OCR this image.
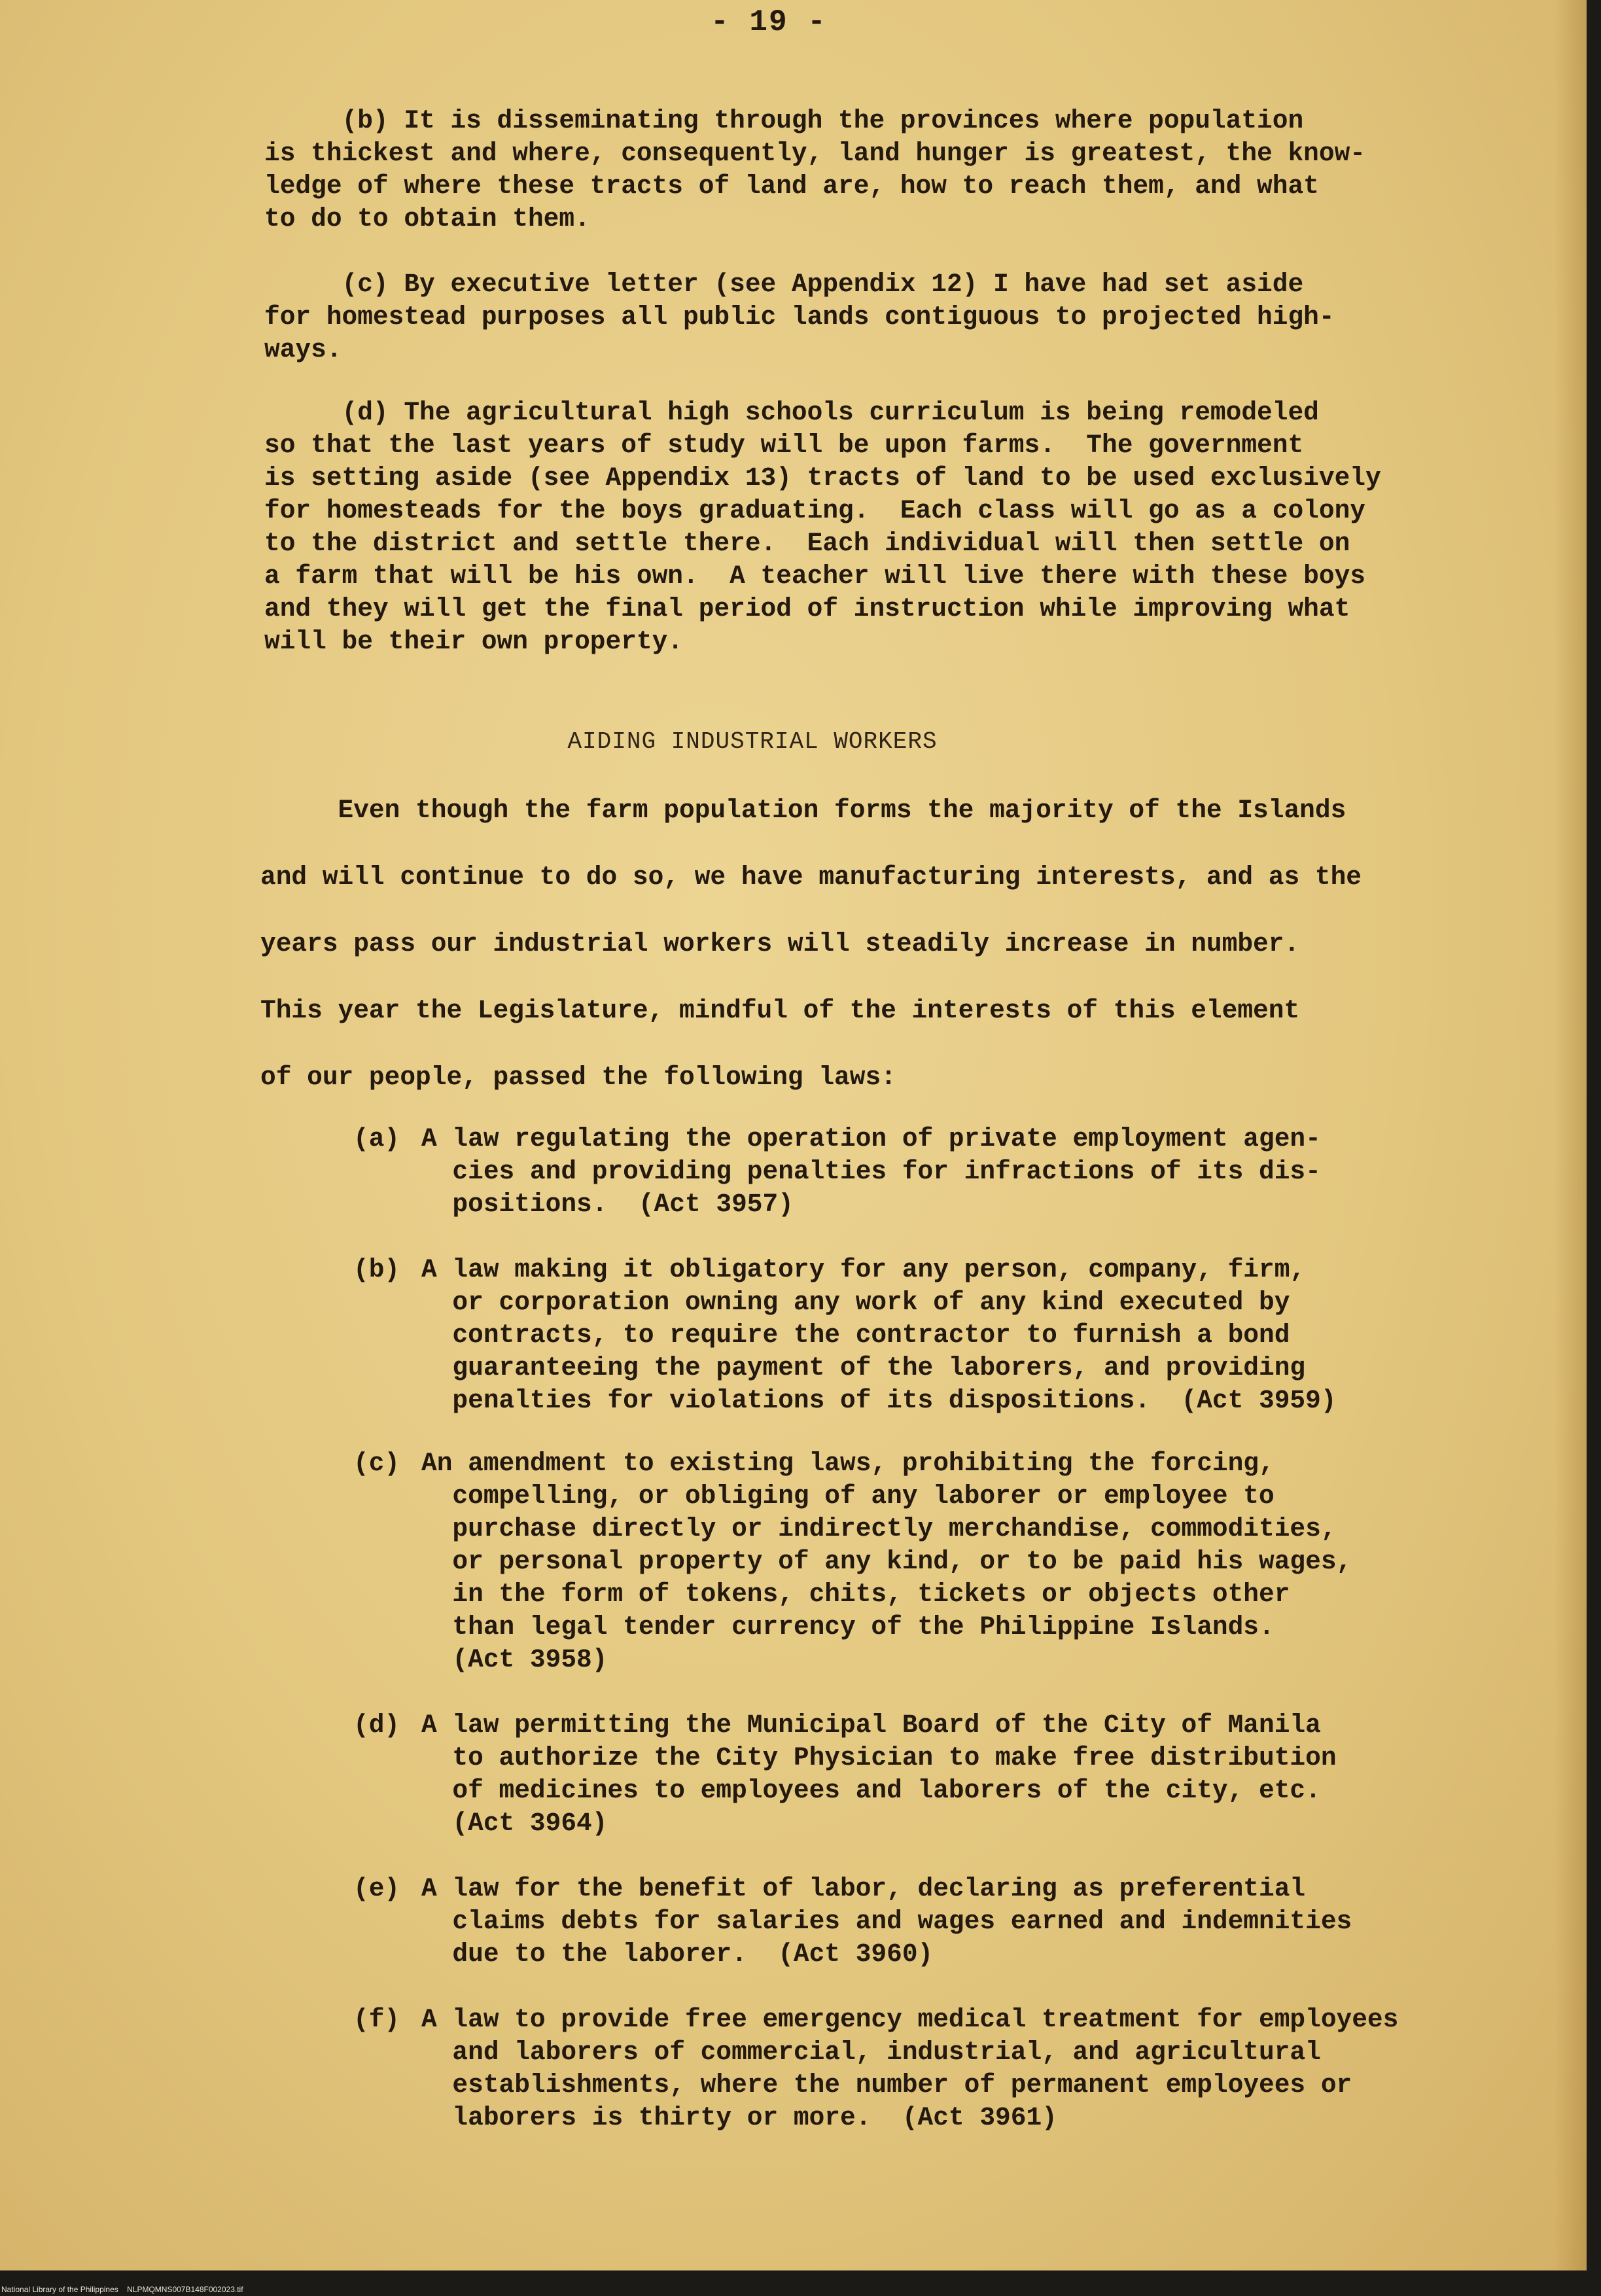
- 19 -

(b) It is disseminating through the provinces where population
is thickest and where, consequently, land hunger is greatest, the know-
ledge of where these tracts of land are, how to reach them, and what
to do to obtain them.

(c) By executive letter (see Appendix 12) I have had set aside
for homestead purposes all public lands contiguous to projected high-
ways.

(d) The agricultural high schools curriculum is being remodeled
so that the last years of study will be upon farms.  The government
is setting aside (see Appendix 13) tracts of land to be used exclusively
for homesteads for the boys graduating.  Each class will go as a colony
to the district and settle there.  Each individual will then settle on
a farm that will be his own.  A teacher will live there with these boys
and they will get the final period of instruction while improving what
will be their own property.

AIDING INDUSTRIAL WORKERS

Even though the farm population forms the majority of the Islands
and will continue to do so, we have manufacturing interests, and as the
years pass our industrial workers will steadily increase in number.
This year the Legislature, mindful of the interests of this element
of our people, passed the following laws:

(a) A law regulating the operation of private employment agen-
cies and providing penalties for infractions of its dis-
positions.  (Act 3957)

(b) A law making it obligatory for any person, company, firm,
or corporation owning any work of any kind executed by
contracts, to require the contractor to furnish a bond
guaranteeing the payment of the laborers, and providing
penalties for violations of its dispositions.  (Act 3959)

(c) An amendment to existing laws, prohibiting the forcing,
compelling, or obliging of any laborer or employee to
purchase directly or indirectly merchandise, commodities,
or personal property of any kind, or to be paid his wages,
in the form of tokens, chits, tickets or objects other
than legal tender currency of the Philippine Islands.
(Act 3958)

(d) A law permitting the Municipal Board of the City of Manila
to authorize the City Physician to make free distribution
of medicines to employees and laborers of the city, etc.
(Act 3964)

(e) A law for the benefit of labor, declaring as preferential
claims debts for salaries and wages earned and indemnities
due to the laborer.  (Act 3960)

(f) A law to provide free emergency medical treatment for employees
and laborers of commercial, industrial, and agricultural
establishments, where the number of permanent employees or
laborers is thirty or more.  (Act 3961)

National Library of the Philippines    NLPMQMNS007B148F002023.tif
